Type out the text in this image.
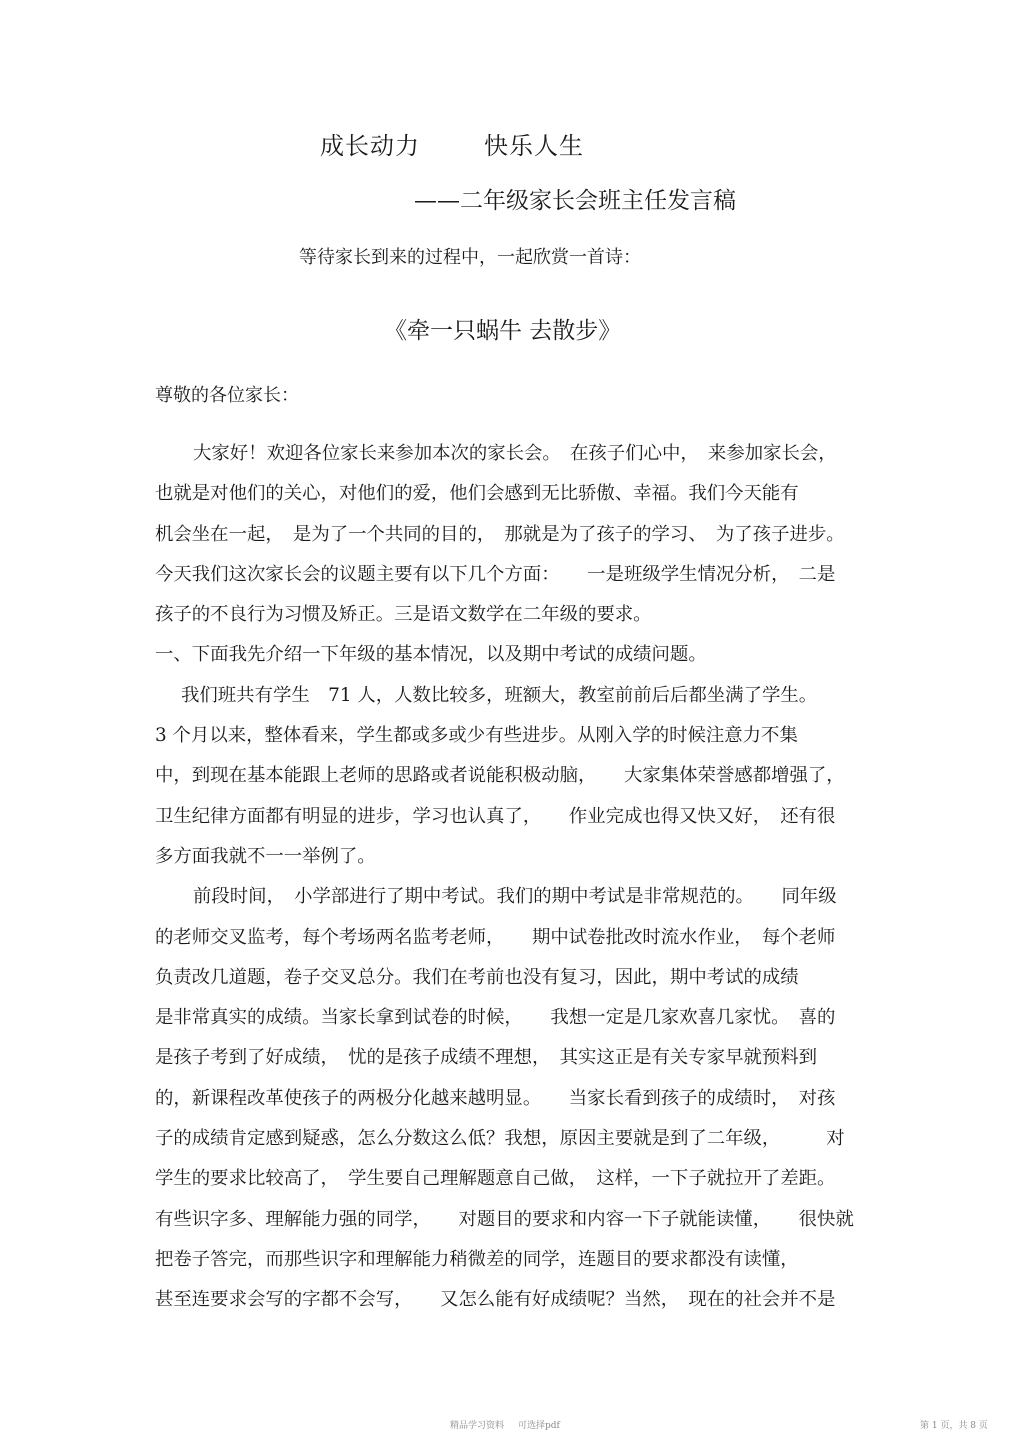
成长动力	快乐人生
——二年级家长会班主任发言稿
等待家长到来的过程中，一起欣赏一首诗：
《牵一只蜗牛 去散步》
尊敬的各位家长：
大家好！欢迎各位家长来参加本次的家长会。　在孩子们心中，　来参加家长会，
也就是对他们的关心，对他们的爱，他们会感到无比骄傲、幸福。我们今天能有
机会坐在一起，　是为了一个共同的目的，　那就是为了孩子的学习、　为了孩子进步。
今天我们这次家长会的议题主要有以下几个方面：　　一是班级学生情况分析，　二是
孩子的不良行为习惯及矫正。三是语文数学在二年级的要求。
一、下面我先介绍一下年级的基本情况，以及期中考试的成绩问题。
我们班共有学生　71 人，人数比较多，班额大，教室前前后后都坐满了学生。
3 个月以来，整体看来，学生都或多或少有些进步。从刚入学的时候注意力不集
中，到现在基本能跟上老师的思路或者说能积极动脑，　　大家集体荣誉感都增强了，
卫生纪律方面都有明显的进步，学习也认真了，　　作业完成也得又快又好，　还有很
多方面我就不一一举例了。
前段时间，　小学部进行了期中考试。我们的期中考试是非常规范的。　　同年级
的老师交叉监考，每个考场两名监考老师，　　期中试卷批改时流水作业，　每个老师
负责改几道题，卷子交叉总分。我们在考前也没有复习，因此，期中考试的成绩
是非常真实的成绩。当家长拿到试卷的时候，　　我想一定是几家欢喜几家忧。　喜的
是孩子考到了好成绩，　忧的是孩子成绩不理想，　其实这正是有关专家早就预料到
的，新课程改革使孩子的两极分化越来越明显。　　当家长看到孩子的成绩时，　对孩
子的成绩肯定感到疑惑，怎么分数这么低？我想，原因主要就是到了二年级，　　　对
学生的要求比较高了，　学生要自己理解题意自己做，　这样，一下子就拉开了差距。
有些识字多、理解能力强的同学，　　对题目的要求和内容一下子就能读懂，　　很快就
把卷子答完，而那些识字和理解能力稍微差的同学，连题目的要求都没有读懂，
甚至连要求会写的字都不会写，　　又怎么能有好成绩呢？当然，　现在的社会并不是
精品学习资料 可选择pdf	第 1 页，共 8 页
